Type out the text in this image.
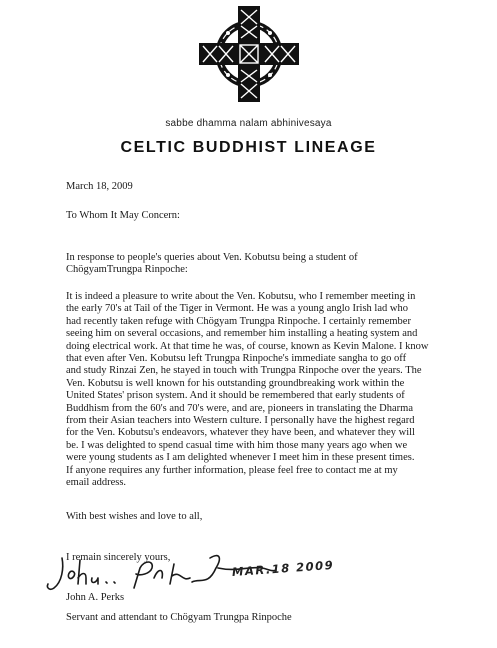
sabbe dhamma nalam abhinivesaya
CELTIC BUDDHIST LINEAGE
March 18, 2009
To Whom It May Concern:
In response to people's queries about Ven. Kobutsu being a student of
ChögyamTrungpa Rinpoche:
It is indeed a pleasure to write about the Ven. Kobutsu, who I remember meeting in
the early 70's at Tail of the Tiger in Vermont. He was a young anglo Irish lad who
had recently taken refuge with Chögyam Trungpa Rinpoche. I certainly remember
seeing him on several occasions, and remember him installing a heating system and
doing electrical work. At that time he was, of course, known as Kevin Malone. I know
that even after Ven. Kobutsu left Trungpa Rinpoche's immediate sangha to go off
and study Rinzai Zen, he stayed in touch with Trungpa Rinpoche over the years. The
Ven. Kobutsu is well known for his outstanding groundbreaking work within the
United States' prison system. And it should be remembered that early students of
Buddhism from the 60's and 70's were, and are, pioneers in translating the Dharma
from their Asian teachers into Western culture. I personally have the highest regard
for the Ven. Kobutsu's endeavors, whatever they have been, and whatever they will
be. I was delighted to spend casual time with him those many years ago when we
were young students as I am delighted whenever I meet him in these present times.
If anyone requires any further information, please feel free to contact me at my
email address.
With best wishes and love to all,
I remain sincerely yours,
MAR.18 2009
John A. Perks
Servant and attendant to Chögyam Trungpa Rinpoche
